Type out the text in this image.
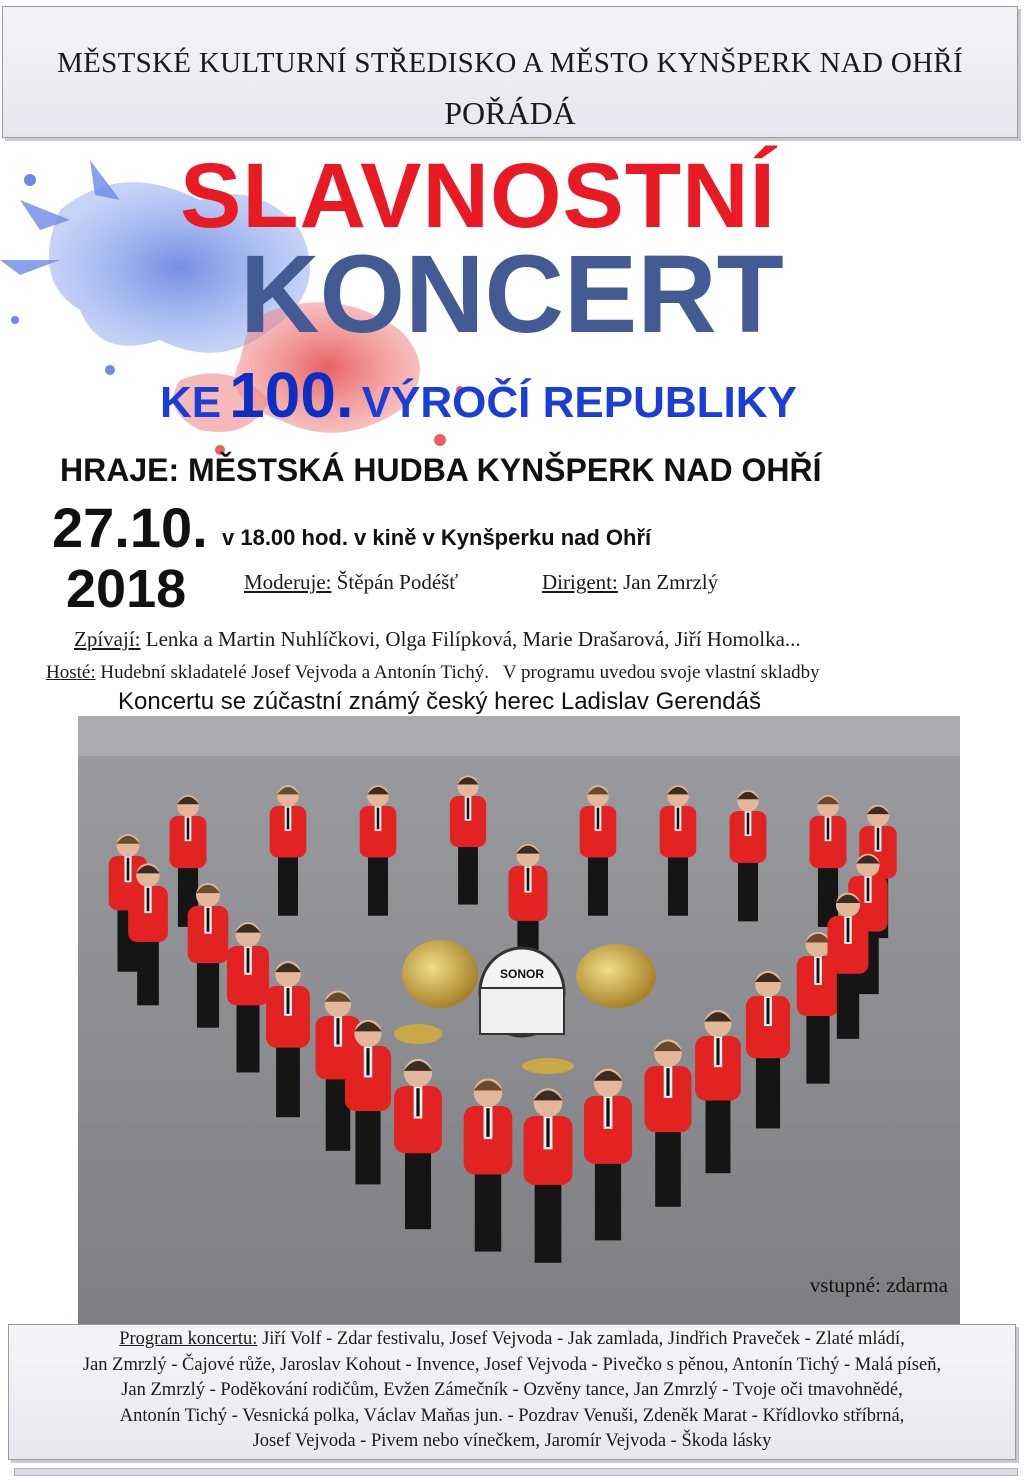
MĚSTSKÉ KULTURNÍ STŘEDISKO A MĚSTO KYNŠPERK NAD OHŘÍ
POŘÁDÁ
SLAVNOSTNÍ
KONCERT
KE 100. VÝROČÍ REPUBLIKY
HRAJE: MĚSTSKÁ HUDBA KYNŠPERK NAD OHŘÍ
27.10. v 18.00 hod. v kině v Kynšperku nad Ohří
2018	Moderuje: Štěpán Podéšť	Dirigent: Jan Zmrzlý
Zpívají: Lenka a Martin Nuhlíčkovi, Olga Filípková, Marie Drašarová, Jiří Homolka...
Hosté: Hudební skladatelé Josef Vejvoda a Antonín Tichý. V programu uvedou svoje vlastní skladby
Koncertu se zúčastní známý český herec Ladislav Gerendáš
SONOR
vstupné: zdarma
Program koncertu: Jiří Volf - Zdar festivalu, Josef Vejvoda - Jak zamlada, Jindřich Praveček - Zlaté mládí,
Jan Zmrzlý - Čajové růže, Jaroslav Kohout - Invence, Josef Vejvoda - Pivečko s pěnou, Antonín Tichý - Malá píseň,
Jan Zmrzlý - Poděkování rodičům, Evžen Zámečník - Ozvěny tance, Jan Zmrzlý - Tvoje oči tmavohnědé,
Antonín Tichý - Vesnická polka, Václav Maňas jun. - Pozdrav Venuši, Zdeněk Marat - Křídlovko stříbrná,
Josef Vejvoda - Pivem nebo vínečkem, Jaromír Vejvoda - Škoda lásky
